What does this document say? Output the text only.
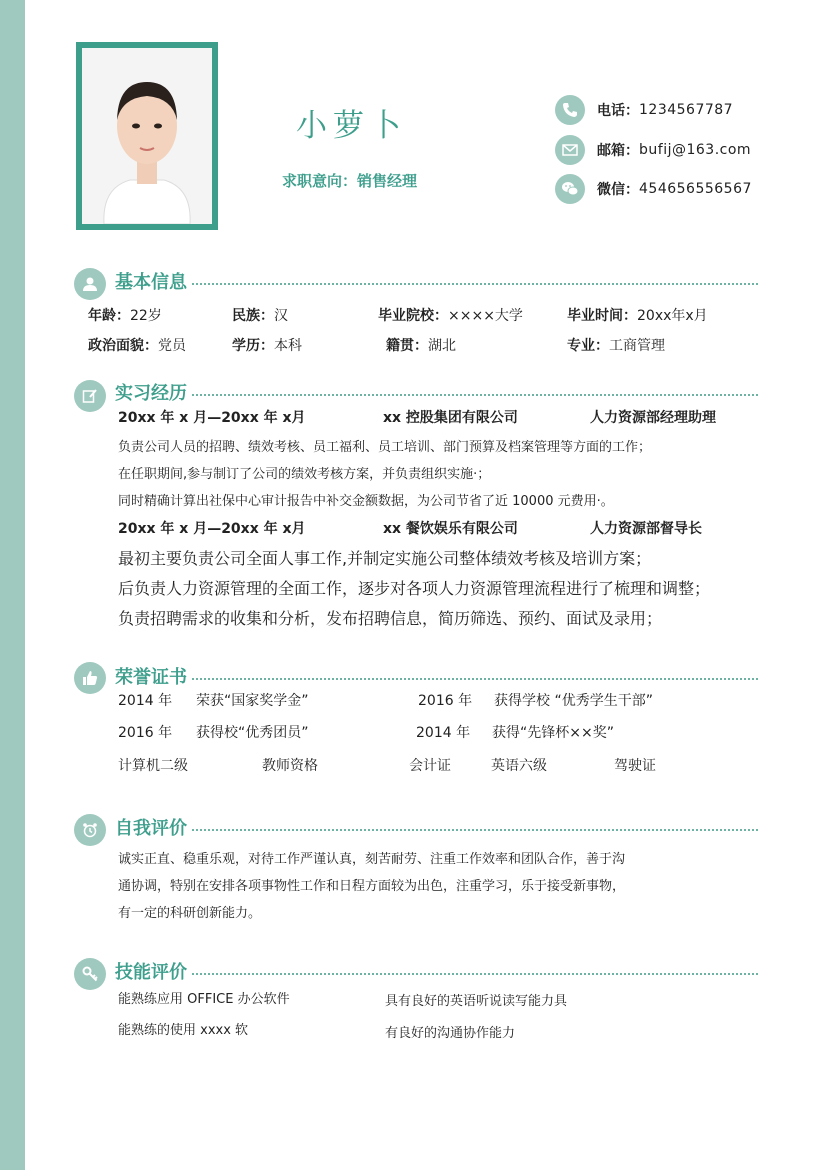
小萝卜
求职意向：销售经理
电话： 1234567787
邮箱： bufij@163.com
微信： 454656556567
基本信息
年龄：22岁	民族：汉	毕业院校：××××大学	毕业时间：20xx年x月
政治面貌：党员	学历：本科	籍贯：湖北	专业：工商管理
实习经历
20xx 年 x 月—20xx 年 x月	xx 控股集团有限公司	人力资源部经理助理
负责公司人员的招聘、绩效考核、员工福利、员工培训、部门预算及档案管理等方面的工作；
在任职期间,参与制订了公司的绩效考核方案，并负责组织实施·；
同时精确计算出社保中心审计报告中补交金额数据，为公司节省了近 10000 元费用·。
20xx 年 x 月—20xx 年 x月	xx 餐饮娱乐有限公司	人力资源部督导长
最初主要负责公司全面人事工作,并制定实施公司整体绩效考核及培训方案；
后负责人力资源管理的全面工作，逐步对各项人力资源管理流程进行了梳理和调整；
负责招聘需求的收集和分析，发布招聘信息，简历筛选、预约、面试及录用；
荣誉证书
2014 年 荣获“国家奖学金”	2016 年 获得学校 “优秀学生干部”
2016 年 获得校“优秀团员”	2014 年 获得“先锋杯××奖”
计算机二级	教师资格	会计证	英语六级	驾驶证
自我评价
诚实正直、稳重乐观，对待工作严谨认真，刻苦耐劳、注重工作效率和团队合作，善于沟
通协调，特别在安排各项事物性工作和日程方面较为出色，注重学习，乐于接受新事物，
有一定的科研创新能力。
技能评价
能熟练应用 OFFICE 办公软件	具有良好的英语听说读写能力具
能熟练的使用 xxxx 软	有良好的沟通协作能力
